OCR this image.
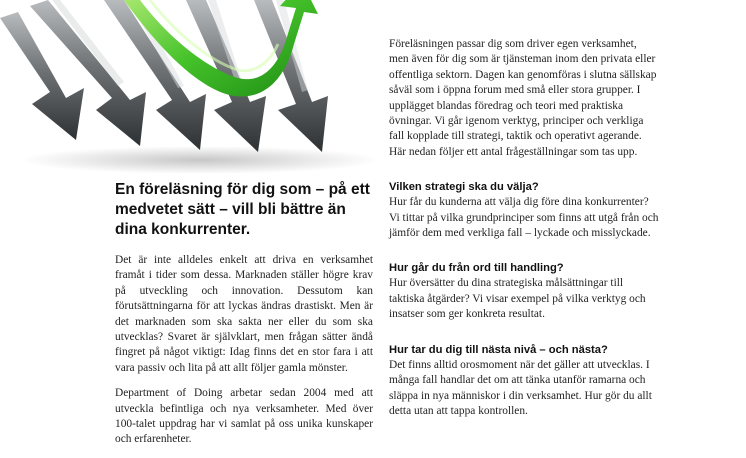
En föreläsning för dig som – på ett medvetet sätt – vill bli bättre än dina konkurrenter.

Det är inte alldeles enkelt att driva en verksamhet framåt i tider som dessa. Marknaden ställer högre krav på utveckling och innovation. Dessutom kan förutsättningarna för att lyckas ändras drastiskt. Men är det marknaden som ska sakta ner eller du som ska utvecklas? Svaret är självklart, men frågan sätter ändå fingret på något viktigt: Idag finns det en stor fara i att vara passiv och lita på att allt följer gamla mönster.

Department of Doing arbetar sedan 2004 med att utveckla befintliga och nya verksamheter. Med över 100-talet uppdrag har vi samlat på oss unika kunskaper och erfarenheter.

Föreläsningen passar dig som driver egen verksamhet, men även för dig som är tjänsteman inom den privata eller offentliga sektorn. Dagen kan genomföras i slutna sällskap såväl som i öppna forum med små eller stora grupper. I upplägget blandas föredrag och teori med praktiska övningar. Vi går igenom verktyg, principer och verkliga fall kopplade till strategi, taktik och operativt agerande. Här nedan följer ett antal frågeställningar som tas upp.

Vilken strategi ska du välja?

Hur får du kunderna att välja dig före dina konkurrenter? Vi tittar på vilka grundprinciper som finns att utgå från och jämför dem med verkliga fall – lyckade och misslyckade.

Hur går du från ord till handling?

Hur översätter du dina strategiska målsättningar till taktiska åtgärder? Vi visar exempel på vilka verktyg och insatser som ger konkreta resultat.

Hur tar du dig till nästa nivå – och nästa?

Det finns alltid orosmoment när det gäller att utvecklas. I många fall handlar det om att tänka utanför ramarna och släppa in nya människor i din verksamhet. Hur gör du allt detta utan att tappa kontrollen.
